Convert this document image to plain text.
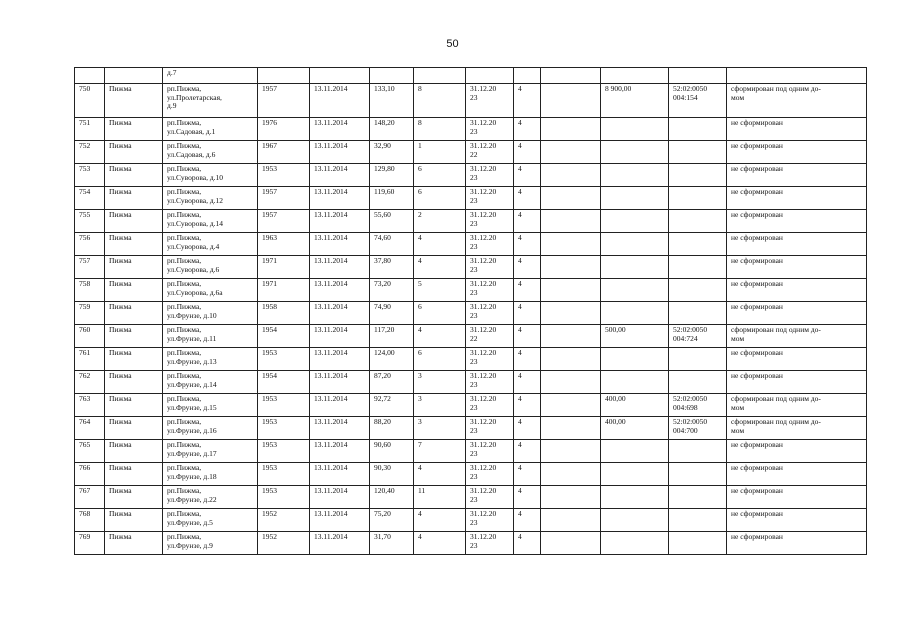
50
		д.7										
750	Пижма	рп.Пижма,
ул.Пролетарская,
д.9	1957	13.11.2014	133,10	8	31.12.20
23	4		8 900,00	52:02:0050
004:154	сформирован под одним до-
мом
751	Пижма	рп.Пижма,
ул.Садовая, д.1	1976	13.11.2014	148,20	8	31.12.20
23	4				не сформирован
752	Пижма	рп.Пижма,
ул.Садовая, д.6	1967	13.11.2014	32,90	1	31.12.20
22	4				не сформирован
753	Пижма	рп.Пижма,
ул.Суворова, д.10	1953	13.11.2014	129,80	6	31.12.20
23	4				не сформирован
754	Пижма	рп.Пижма,
ул.Суворова, д.12	1957	13.11.2014	119,60	6	31.12.20
23	4				не сформирован
755	Пижма	рп.Пижма,
ул.Суворова, д.14	1957	13.11.2014	55,60	2	31.12.20
23	4				не сформирован
756	Пижма	рп.Пижма,
ул.Суворова, д.4	1963	13.11.2014	74,60	4	31.12.20
23	4				не сформирован
757	Пижма	рп.Пижма,
ул.Суворова, д.6	1971	13.11.2014	37,80	4	31.12.20
23	4				не сформирован
758	Пижма	рп.Пижма,
ул.Суворова, д.6а	1971	13.11.2014	73,20	5	31.12.20
23	4				не сформирован
759	Пижма	рп.Пижма,
ул.Фрунзе, д.10	1958	13.11.2014	74,90	6	31.12.20
23	4				не сформирован
760	Пижма	рп.Пижма,
ул.Фрунзе, д.11	1954	13.11.2014	117,20	4	31.12.20
22	4		500,00	52:02:0050
004:724	сформирован под одним до-
мом
761	Пижма	рп.Пижма,
ул.Фрунзе, д.13	1953	13.11.2014	124,00	6	31.12.20
23	4				не сформирован
762	Пижма	рп.Пижма,
ул.Фрунзе, д.14	1954	13.11.2014	87,20	3	31.12.20
23	4				не сформирован
763	Пижма	рп.Пижма,
ул.Фрунзе, д.15	1953	13.11.2014	92,72	3	31.12.20
23	4		400,00	52:02:0050
004:698	сформирован под одним до-
мом
764	Пижма	рп.Пижма,
ул.Фрунзе, д.16	1953	13.11.2014	88,20	3	31.12.20
23	4		400,00	52:02:0050
004:700	сформирован под одним до-
мом
765	Пижма	рп.Пижма,
ул.Фрунзе, д.17	1953	13.11.2014	90,60	7	31.12.20
23	4				не сформирован
766	Пижма	рп.Пижма,
ул.Фрунзе, д.18	1953	13.11.2014	90,30	4	31.12.20
23	4				не сформирован
767	Пижма	рп.Пижма,
ул.Фрунзе, д.22	1953	13.11.2014	120,40	11	31.12.20
23	4				не сформирован
768	Пижма	рп.Пижма,
ул.Фрунзе, д.5	1952	13.11.2014	75,20	4	31.12.20
23	4				не сформирован
769	Пижма	рп.Пижма,
ул.Фрунзе, д.9	1952	13.11.2014	31,70	4	31.12.20
23	4				не сформирован
